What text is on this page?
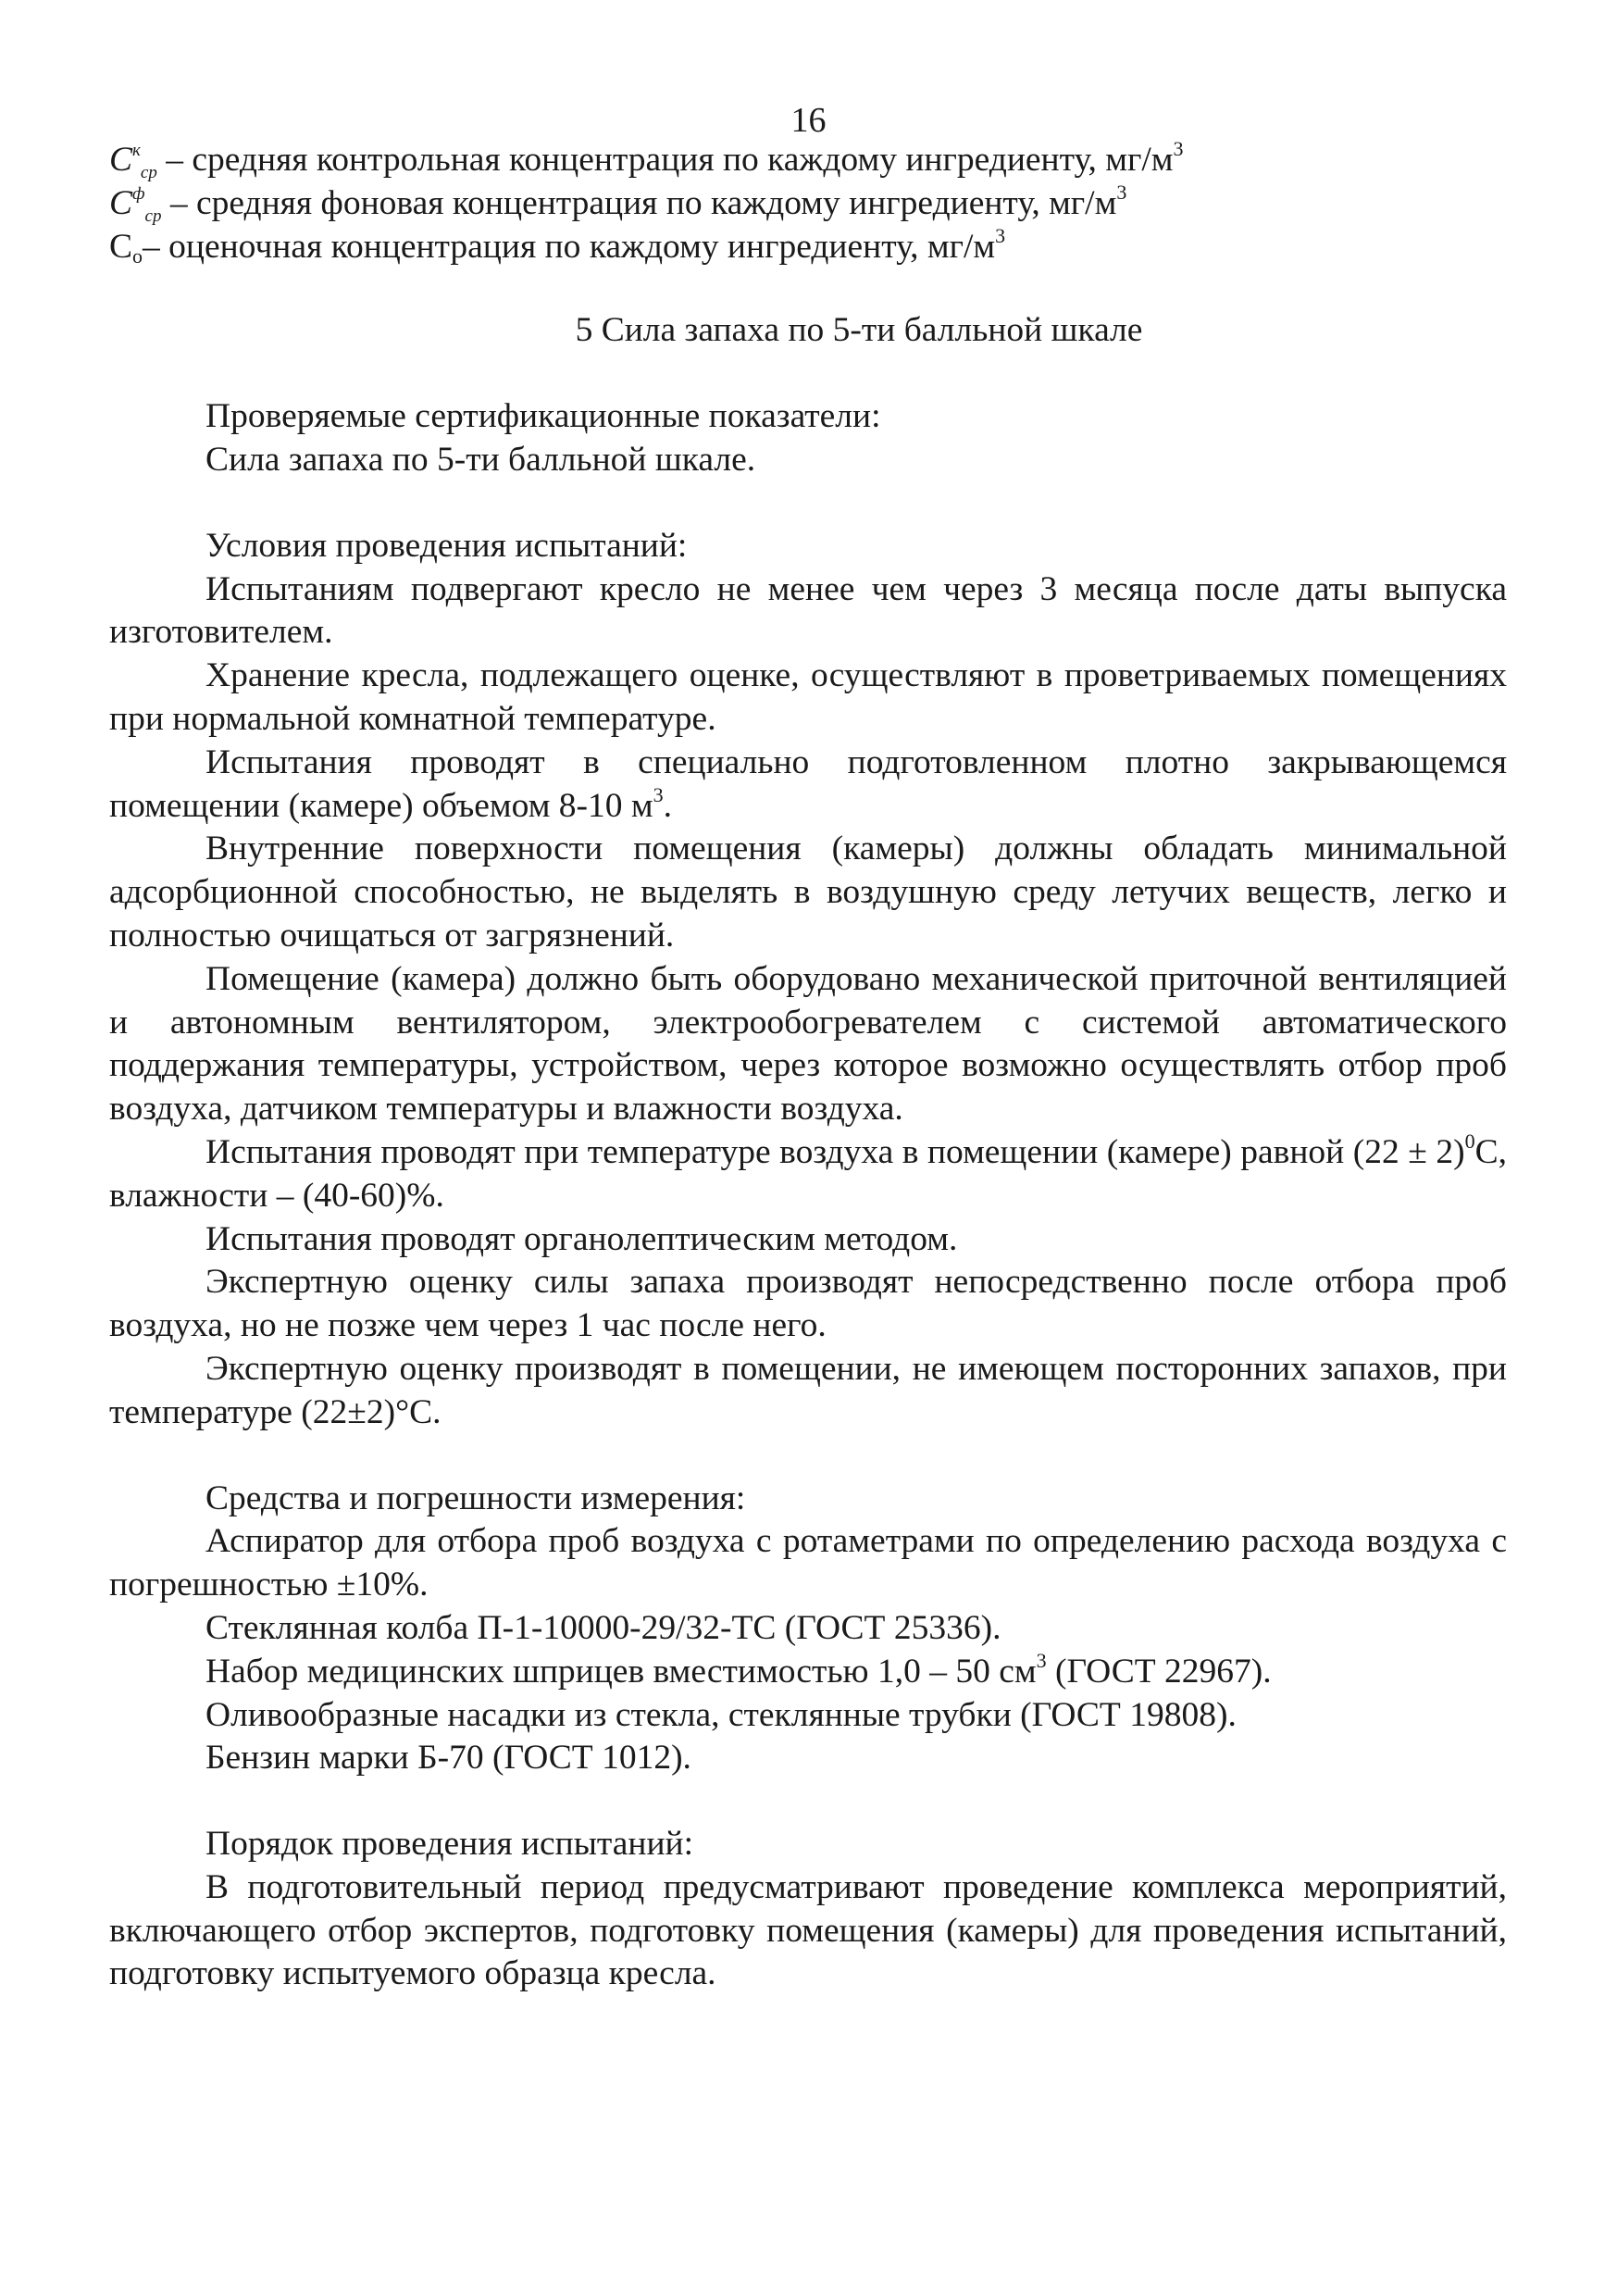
16
$C^к_{ср}$ – средняя контрольная концентрация по каждому ингредиенту, $мг/м^3$
$C^ф_{ср}$ – средняя фоновая концентрация по каждому ингредиенту, $мг/м^3$
$C_о-$ оценочная концентрация по каждому ингредиенту, $мг/м^3$
5 Сила запаха по 5-ти балльной шкале
Проверяемые сертификационные показатели:
Сила запаха по 5-ти балльной шкале.
Условия проведения испытаний:

Испытаниям подвергают кресло не менее чем через 3 месяца после даты выпуска изготовителем.

Хранение кресла, подлежащего оценке, осуществляют в проветриваемых помещениях при нормальной комнатной температуре.

Испытания проводят в специально подготовленном плотно закрывающемся помещении (камере) объемом 8-10 $м^3$.

Внутренние поверхности помещения (камеры) должны обладать минимальной адсорбционной способностью, не выделять в воздушную среду летучих веществ, легко и полностью очищаться от загрязнений.

Помещение (камера) должно быть оборудовано механической приточной вентиляцией и автономным вентилятором, электрообогревателем с системой автоматического поддержания температуры, устройством, через которое возможно осуществлять отбор проб воздуха, датчиком температуры и влажности воздуха.

Испытания проводят при температуре воздуха в помещении (камере) равной $(22 \pm 2)^0С$, влажности – (40-60)%.

Испытания проводят органолептическим методом.

Экспертную оценку силы запаха производят непосредственно после отбора проб воздуха, но не позже чем через 1 час после него.

Экспертную оценку производят в помещении, не имеющем посторонних запахов, при температуре (22±2)°С.

Средства и погрешности измерения:

Аспиратор для отбора проб воздуха с ротаметрами по определению расхода воздуха с погрешностью ±10%.

Стеклянная колба П-1-10000-29/32-ТС (ГОСТ 25336).

Набор медицинских шприцев вместимостью 1,0 – 50 $см^3$ (ГОСТ 22967).

Оливообразные насадки из стекла, стеклянные трубки (ГОСТ 19808).

Бензин марки Б-70 (ГОСТ 1012).

Порядок проведения испытаний:

В подготовительный период предусматривают проведение комплекса мероприятий, включающего отбор экспертов, подготовку помещения (камеры) для проведения испытаний, подготовку испытуемого образца кресла.
